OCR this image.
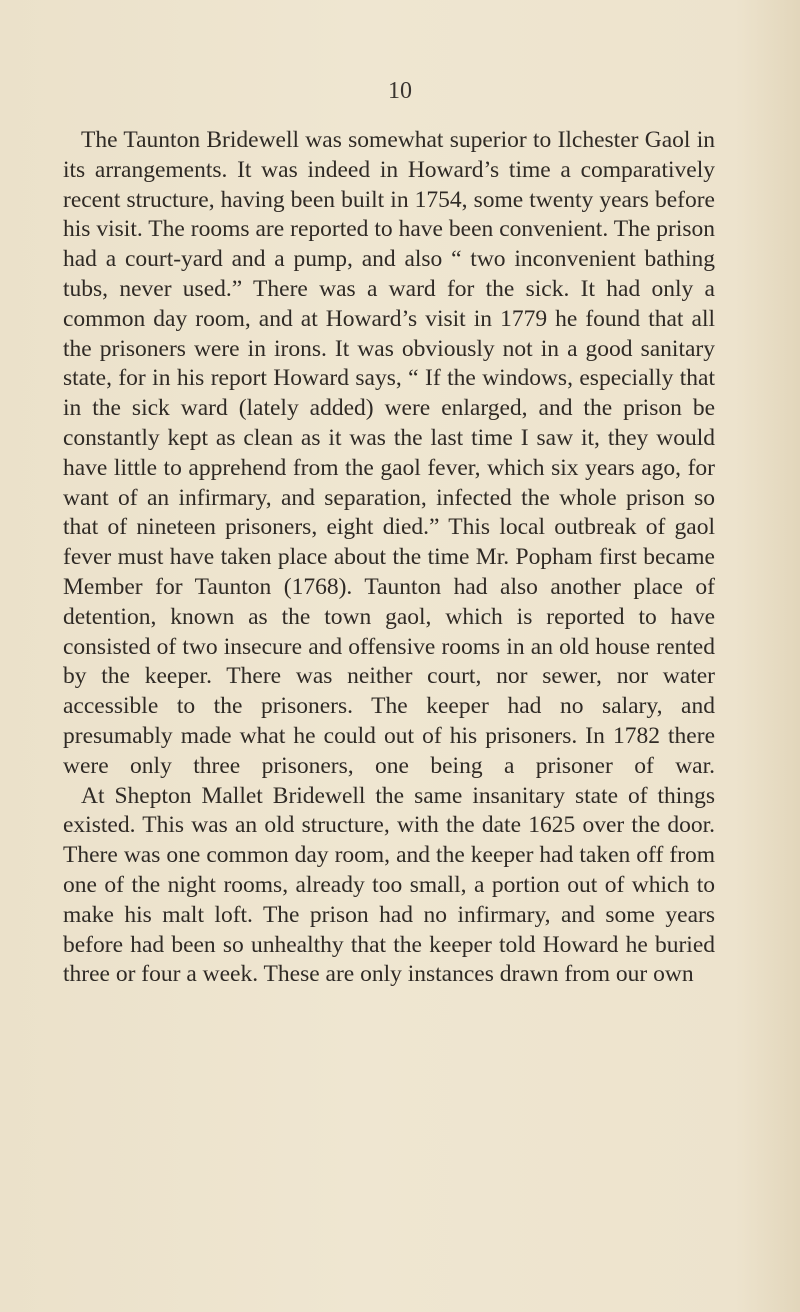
10

The Taunton Bridewell was somewhat superior to Ilchester Gaol in its arrangements. It was indeed in Howard’s time a comparatively recent structure, having been built in 1754, some twenty years before his visit. The rooms are reported to have been convenient. The prison had a court-yard and a pump, and also “ two inconvenient bathing tubs, never used.” There was a ward for the sick. It had only a common day room, and at Howard’s visit in 1779 he found that all the prisoners were in irons. It was obviously not in a good sanitary state, for in his report Howard says, “ If the windows, especially that in the sick ward (lately added) were enlarged, and the prison be constantly kept as clean as it was the last time I saw it, they would have little to apprehend from the gaol fever, which six years ago, for want of an infirmary, and separation, infected the whole prison so that of nineteen prisoners, eight died.” This local outbreak of gaol fever must have taken place about the time Mr. Popham first became Member for Taunton (1768). Taunton had also another place of detention, known as the town gaol, which is reported to have consisted of two insecure and offensive rooms in an old house rented by the keeper. There was neither court, nor sewer, nor water accessible to the prisoners. The keeper had no salary, and presumably made what he could out of his prisoners. In 1782 there were only three prisoners, one being a prisoner of war.

At Shepton Mallet Bridewell the same insanitary state of things existed. This was an old structure, with the date 1625 over the door. There was one common day room, and the keeper had taken off from one of the night rooms, already too small, a portion out of which to make his malt loft. The prison had no infirmary, and some years before had been so unhealthy that the keeper told Howard he buried three or four a week. These are only instances drawn from our own
